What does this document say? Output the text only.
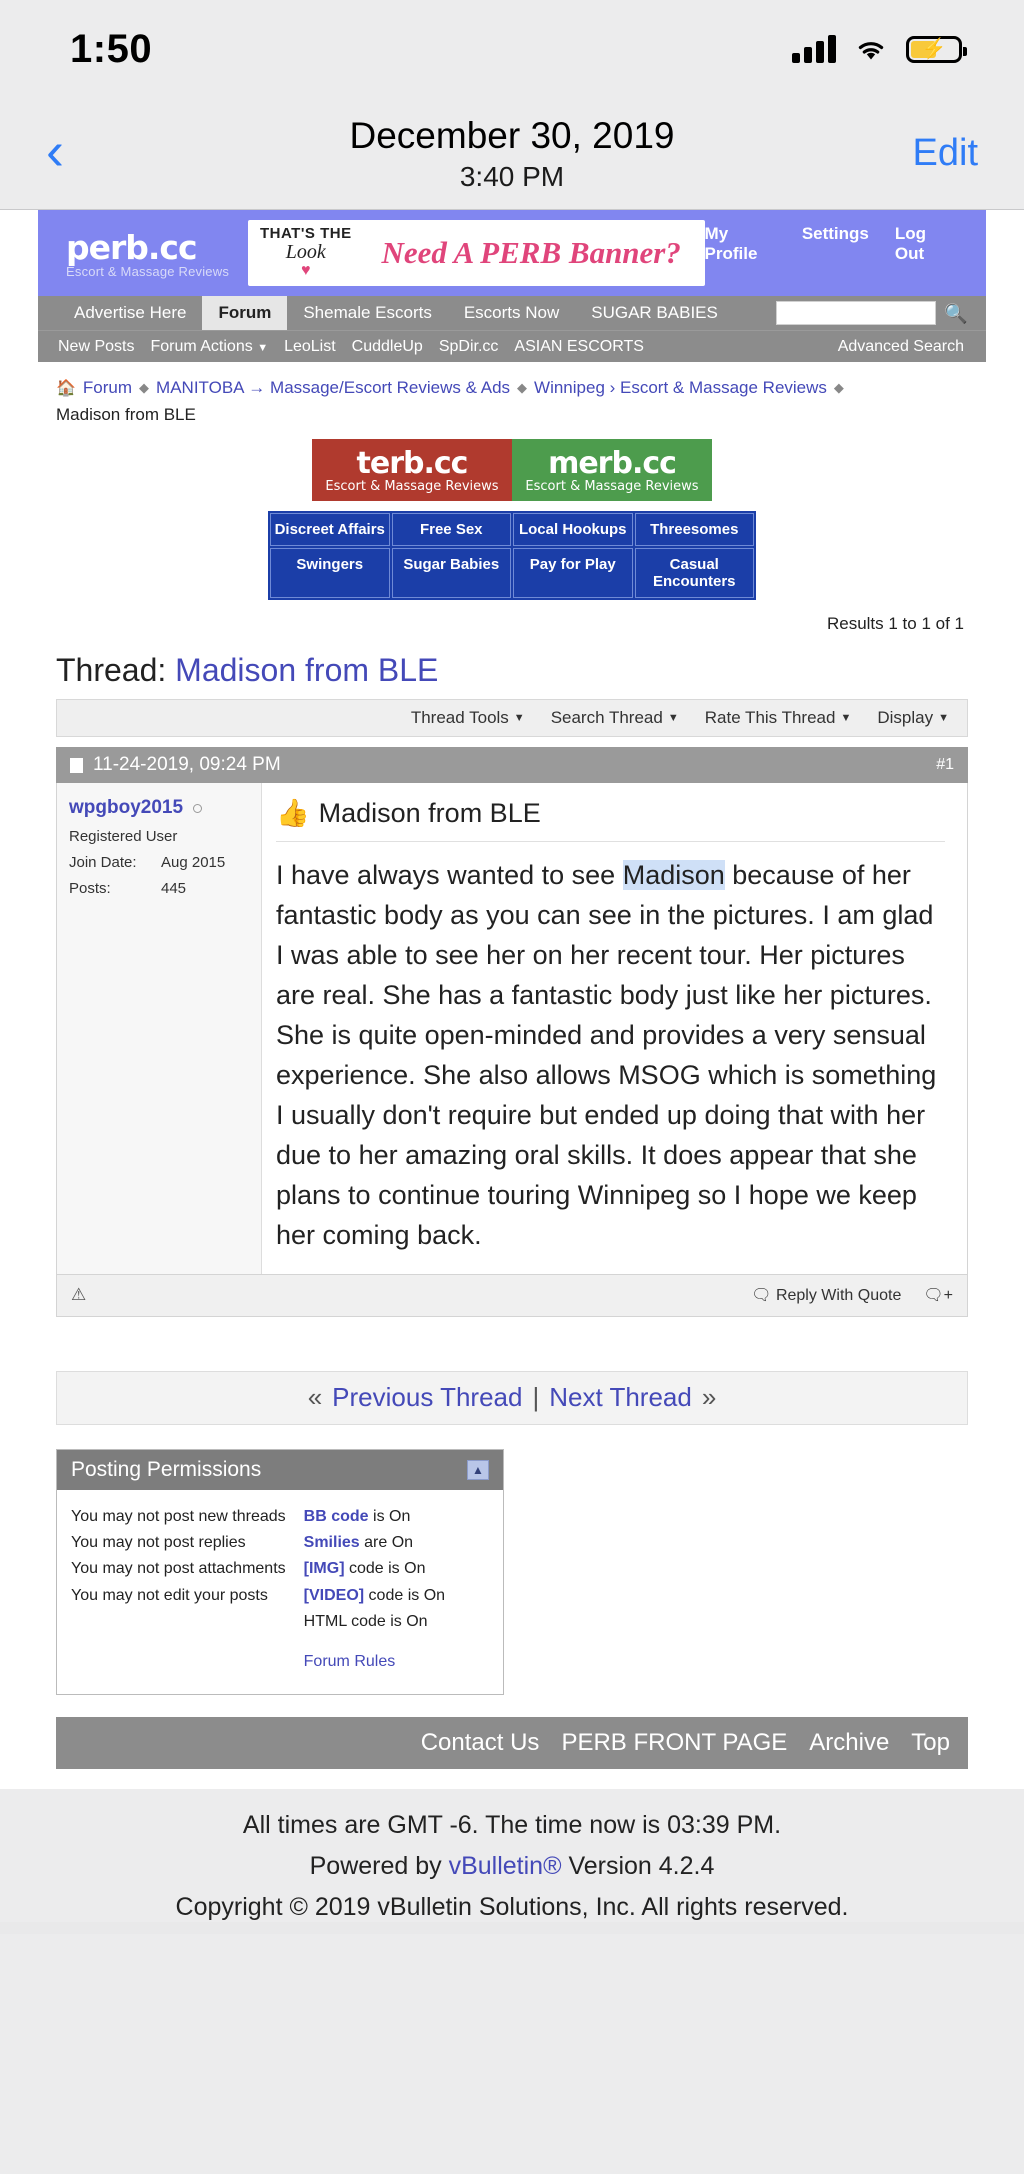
1:50	⚡
‹	December 30, 2019
3:40 PM
Edit
perb.cc
Escort & Massage Reviews
THAT'S THE
Look
♥
Need A PERB Banner?
My Profile
Settings Log Out
Advertise Here	Forum	Shemale Escorts	Escorts Now	SUGAR BABIES	🔍
New Posts Forum Actions ▼ LeoList CuddleUp SpDir.cc ASIAN ESCORTS	Advanced Search
🏠 Forum ◆ MANITOBA → Massage/Escort Reviews & Ads ◆ Winnipeg › Escort & Massage Reviews ◆
Madison from BLE
terb.cc
Escort & Massage Reviews
merb.cc
Escort & Massage Reviews
Discreet Affairs	Free Sex	Local Hookups	Threesomes
Swingers	Sugar Babies	Pay for Play	Casual Encounters
Results 1 to 1 of 1
Thread: Madison from BLE
Thread Tools ▼ Search Thread ▼ Rate This Thread ▼ Display ▼
11-24-2019, 09:24 PM	#1
wpgboy2015
Registered User
Join Date:	Aug 2015
Posts:	445
👍 Madison from BLE
I have always wanted to see Madison because of her fantastic body as you can see in the pictures. I am glad I was able to see her on her recent tour. Her pictures are real. She has a fantastic body just like her pictures. She is quite open-minded and provides a very sensual experience. She also allows MSOG which is something I usually don't require but ended up doing that with her due to her amazing oral skills. It does appear that she plans to continue touring Winnipeg so I hope we keep her coming back.
⚠	🗨 Reply With Quote 🗨+
« Previous Thread | Next Thread »
Posting Permissions	▲
You may not post new threads
You may not post replies
You may not post attachments
You may not edit your posts
BB code is On
Smilies are On
[IMG] code is On
[VIDEO] code is On
HTML code is On
Forum Rules
Contact Us PERB FRONT PAGE Archive Top
All times are GMT -6. The time now is 03:39 PM.
Powered by vBulletin® Version 4.2.4
Copyright © 2019 vBulletin Solutions, Inc. All rights reserved.
